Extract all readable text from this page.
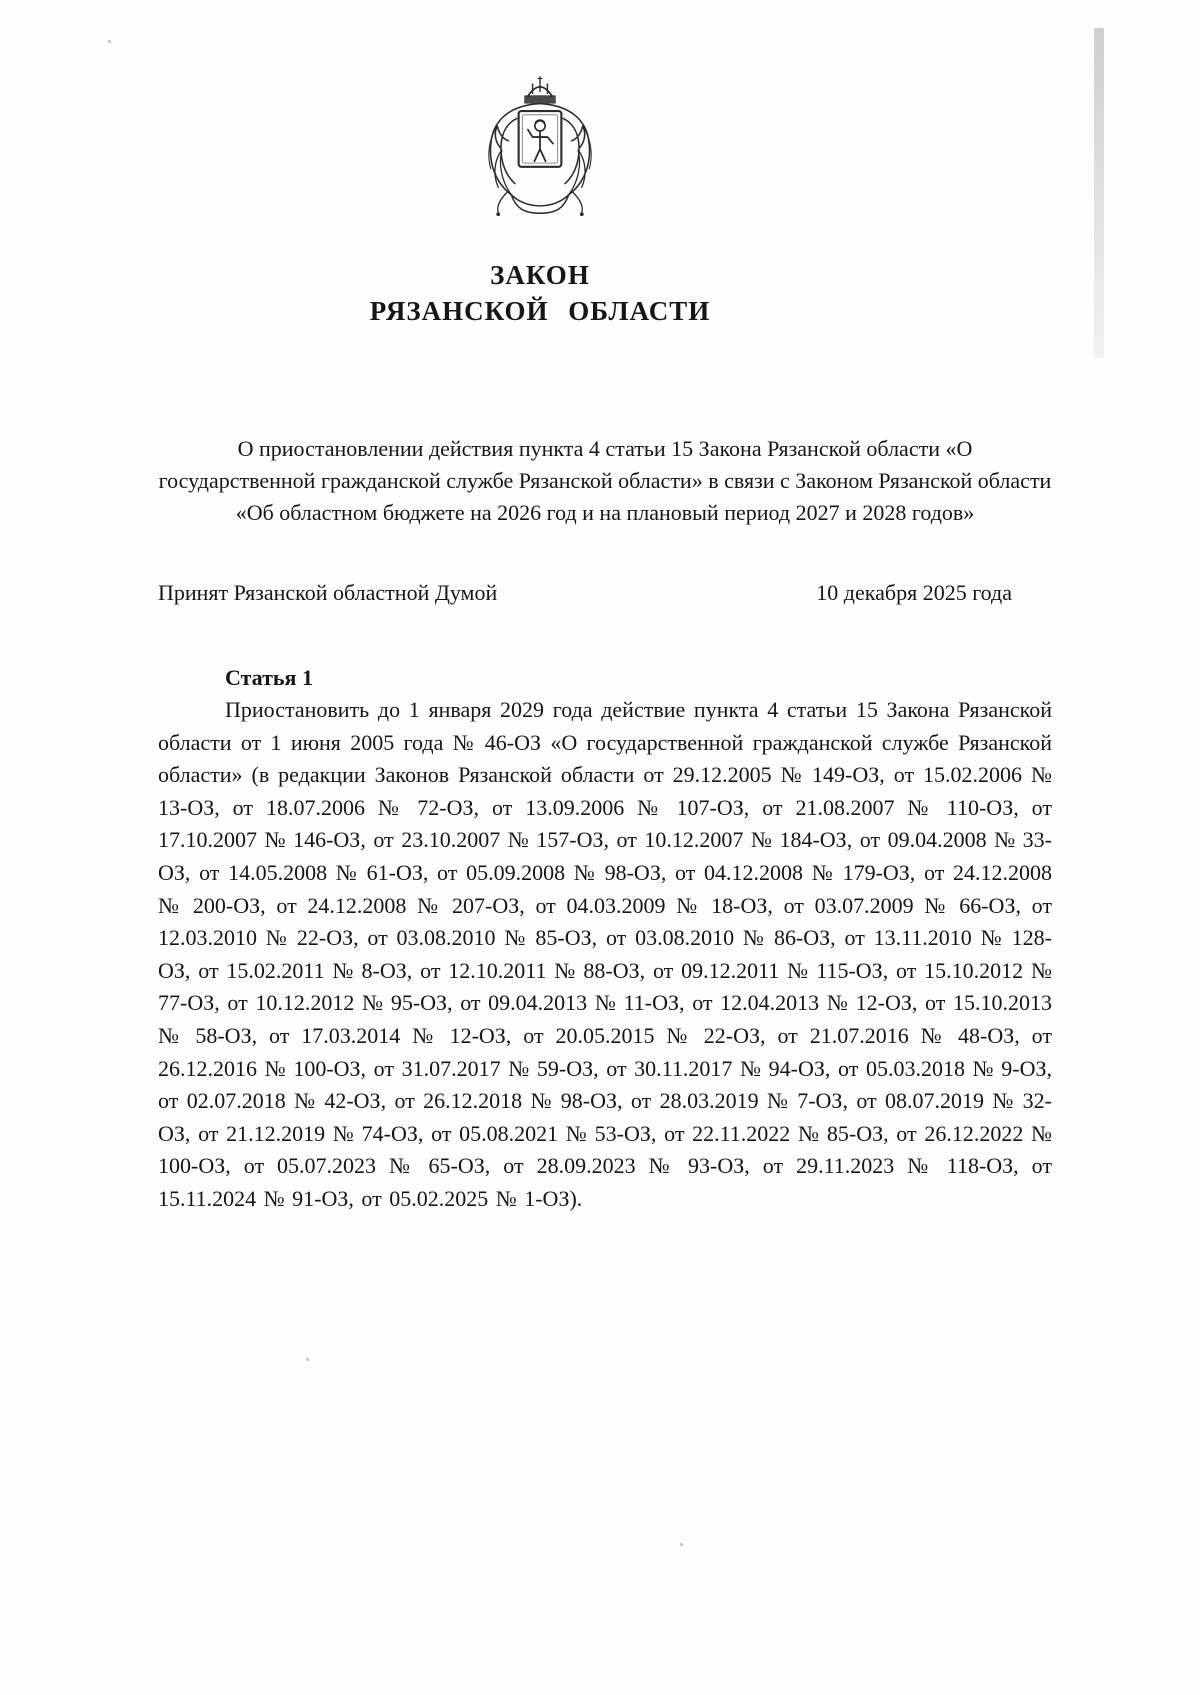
ЗАКОН
РЯЗАНСКОЙ ОБЛАСТИ

О приостановлении действия пункта 4 статьи 15 Закона Рязанской области «О государственной гражданской службе Рязанской области» в связи с Законом Рязанской области «Об областном бюджете на 2026 год и на плановый период 2027 и 2028 годов»

Принят Рязанской областной Думой	10 декабря 2025 года

Статья 1

Приостановить до 1 января 2029 года действие пункта 4 статьи 15 Закона Рязанской области от 1 июня 2005 года № 46-ОЗ «О государственной гражданской службе Рязанской области» (в редакции Законов Рязанской области от 29.12.2005 № 149-ОЗ, от 15.02.2006 № 13-ОЗ, от 18.07.2006 № 72-ОЗ, от 13.09.2006 № 107-ОЗ, от 21.08.2007 № 110-ОЗ, от 17.10.2007 № 146-ОЗ, от 23.10.2007 № 157-ОЗ, от 10.12.2007 № 184-ОЗ, от 09.04.2008 № 33-ОЗ, от 14.05.2008 № 61-ОЗ, от 05.09.2008 № 98-ОЗ, от 04.12.2008 № 179-ОЗ, от 24.12.2008 № 200-ОЗ, от 24.12.2008 № 207-ОЗ, от 04.03.2009 № 18-ОЗ, от 03.07.2009 № 66-ОЗ, от 12.03.2010 № 22-ОЗ, от 03.08.2010 № 85-ОЗ, от 03.08.2010 № 86-ОЗ, от 13.11.2010 № 128-ОЗ, от 15.02.2011 № 8-ОЗ, от 12.10.2011 № 88-ОЗ, от 09.12.2011 № 115-ОЗ, от 15.10.2012 № 77-ОЗ, от 10.12.2012 № 95-ОЗ, от 09.04.2013 № 11-ОЗ, от 12.04.2013 № 12-ОЗ, от 15.10.2013 № 58-ОЗ, от 17.03.2014 № 12-ОЗ, от 20.05.2015 № 22-ОЗ, от 21.07.2016 № 48-ОЗ, от 26.12.2016 № 100-ОЗ, от 31.07.2017 № 59-ОЗ, от 30.11.2017 № 94-ОЗ, от 05.03.2018 № 9-ОЗ, от 02.07.2018 № 42-ОЗ, от 26.12.2018 № 98-ОЗ, от 28.03.2019 № 7-ОЗ, от 08.07.2019 № 32-ОЗ, от 21.12.2019 № 74-ОЗ, от 05.08.2021 № 53-ОЗ, от 22.11.2022 № 85-ОЗ, от 26.12.2022 № 100-ОЗ, от 05.07.2023 № 65-ОЗ, от 28.09.2023 № 93-ОЗ, от 29.11.2023 № 118-ОЗ, от 15.11.2024 № 91-ОЗ, от 05.02.2025 № 1-ОЗ).
